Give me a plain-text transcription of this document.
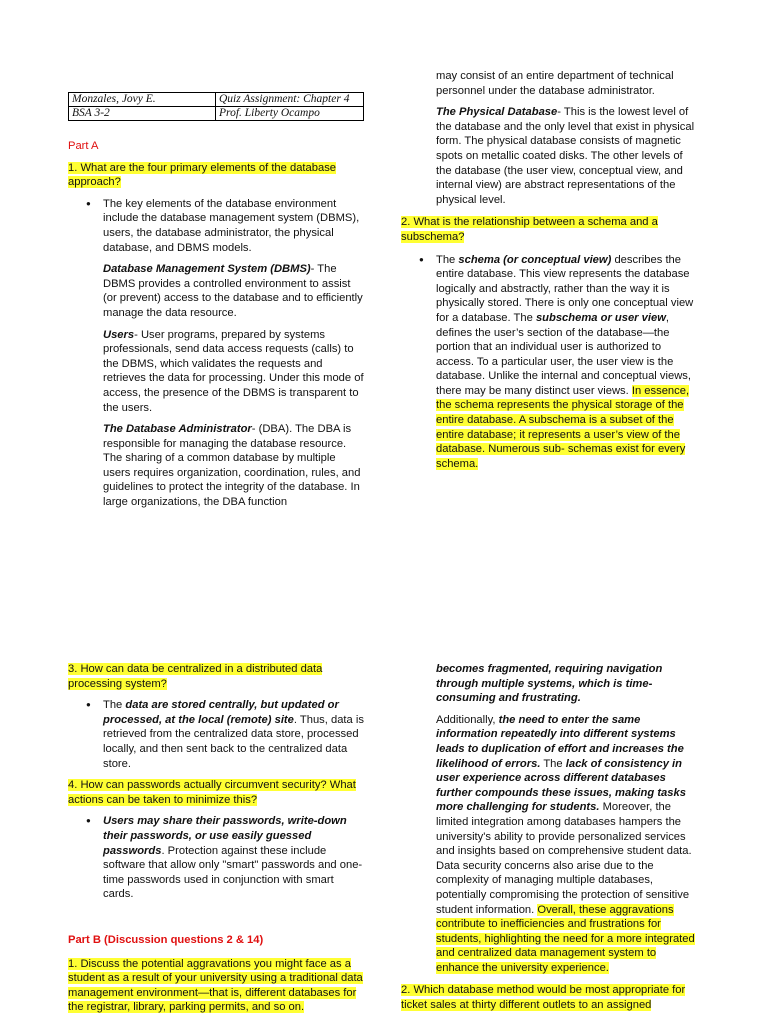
Monzales, Jovy E.	Quiz Assignment: Chapter 4
BSA 3-2	Prof. Liberty Ocampo

Part A

1. What are the four primary elements of the database approach?

● The key elements of the database environment include the database management system (DBMS), users, the database administrator, the physical database, and DBMS models.

Database Management System (DBMS)- The DBMS provides a controlled environment to assist (or prevent) access to the database and to efficiently manage the data resource.

Users- User programs, prepared by systems professionals, send data access requests (calls) to the DBMS, which validates the requests and retrieves the data for processing. Under this mode of access, the presence of the DBMS is transparent to the users.

The Database Administrator- (DBA). The DBA is responsible for managing the database resource. The sharing of a common database by multiple users requires organization, coordination, rules, and guidelines to protect the integrity of the database. In large organizations, the DBA function

may consist of an entire department of technical personnel under the database administrator.

The Physical Database- This is the lowest level of the database and the only level that exist in physical form. The physical database consists of magnetic spots on metallic coated disks. The other levels of the database (the user view, conceptual view, and internal view) are abstract representations of the physical level.

2. What is the relationship between a schema and a subschema?

● The schema (or conceptual view) describes the entire database. This view represents the database logically and abstractly, rather than the way it is physically stored. There is only one conceptual view for a database. The subschema or user view, defines the user’s section of the database—the portion that an individual user is authorized to access. To a particular user, the user view is the database. Unlike the internal and conceptual views, there may be many distinct user views. In essence, the schema represents the physical storage of the entire database. A subschema is a subset of the entire database; it represents a user’s view of the database. Numerous sub- schemas exist for every schema.

3. How can data be centralized in a distributed data processing system?

● The data are stored centrally, but updated or processed, at the local (remote) site. Thus, data is retrieved from the centralized data store, processed locally, and then sent back to the centralized data store.

4. How can passwords actually circumvent security? What actions can be taken to minimize this?

● Users may share their passwords, write-down their passwords, or use easily guessed passwords. Protection against these include software that allow only "smart" passwords and one-time passwords used in conjunction with smart cards.

Part B (Discussion questions 2 & 14)

1. Discuss the potential aggravations you might face as a student as a result of your university using a traditional data management environment—that is, different databases for the registrar, library, parking permits, and so on.

becomes fragmented, requiring navigation through multiple systems, which is time-consuming and frustrating.

Additionally, the need to enter the same information repeatedly into different systems leads to duplication of effort and increases the likelihood of errors. The lack of consistency in user experience across different databases further compounds these issues, making tasks more challenging for students. Moreover, the limited integration among databases hampers the university's ability to provide personalized services and insights based on comprehensive student data. Data security concerns also arise due to the complexity of managing multiple databases, potentially compromising the protection of sensitive student information. Overall, these aggravations contribute to inefficiencies and frustrations for students, highlighting the need for a more integrated and centralized data management system to enhance the university experience.

2. Which database method would be most appropriate for ticket sales at thirty different outlets to an assigned
